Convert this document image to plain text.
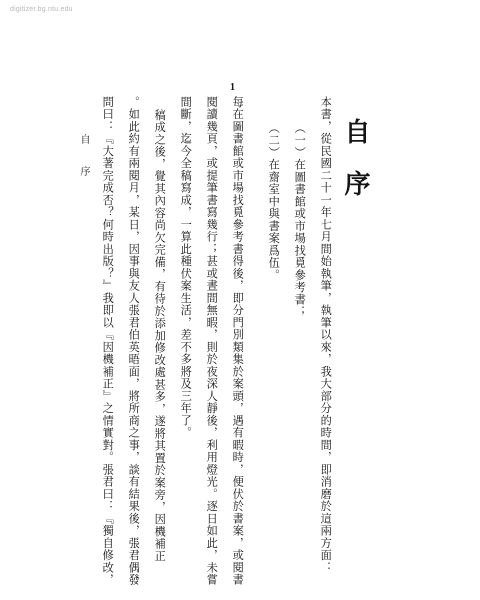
digitizer.bg.ntu.edu
自序
本書，從民國二十一年七月間始執筆，執筆以來，我大部分的時間，即消磨於這兩方面：
（一）在圖書館或市場找覓參考書；
（二）在齋室中與書案爲伍。
1
每在圖書館或市場找覓參考書得後，即分門別類集於案頭，遇有暇時，便伏於書案，或閱書
閱讀幾頁，或提筆書寫幾行；甚或晝間無暇，則於夜深人靜後，利用燈光。逐日如此，未嘗
間斷，迄今全稿寫成，一算此種伏案生活，差不多將及三年了。
稿成之後，覺其內容尚欠完備，有待於添加修改處甚多，遂將其置於案旁，因機補正
。如此約有兩閱月，某日，因事與友人張君伯英晤面，將所商之事，談有結果後，張君偶發
問曰：『大著完成否？何時出版？』我即以『因機補正』之情實對。張君曰：『獨自修改，
自序
